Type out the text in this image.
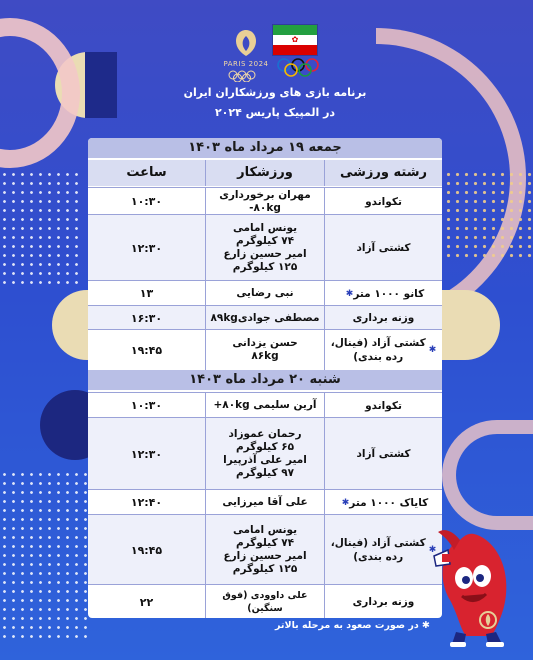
PARIS 2024
✿
برنامه بازی های ورزشکاران ایران
در المپیک پاریس ۲۰۲۴
جمعه ۱۹ مرداد ماه ۱۴۰۳
رشته ورزشی
ورزشکار
ساعت
تکواندو
مهران برخورداری ۸۰kg-
۱۰:۳۰
کشتی آزاد
یونس امامی
۷۴ کیلوگرم
امیر حسین زارع
۱۲۵ کیلوگرم
۱۲:۳۰
کانو ۱۰۰۰ متر
✱
نبی رضایی
۱۳
وزنه برداری
مصطفی جوادی۸۹kg
۱۶:۳۰
✱
کشتی آزاد (فینال، رده بندی)
حسن یزدانی
۸۶kg
۱۹:۴۵
شنبه ۲۰ مرداد ماه ۱۴۰۳
تکواندو
آرین سلیمی ۸۰kg+
۱۰:۳۰
کشتی آزاد
رحمان عموزاد
۶۵ کیلوگرم
امیر علی آذرپیرا
۹۷ کیلوگرم
۱۲:۳۰
کایاک ۱۰۰۰ متر
✱
علی آقا میرزایی
۱۲:۴۰
✱
کشتی آزاد (فینال، رده بندی)
یونس امامی
۷۴ کیلوگرم
امیر حسین زارع
۱۲۵ کیلوگرم
۱۹:۴۵
وزنه برداری
علی داوودی (فوق سنگین)
۲۲
✱ در صورت صعود به مرحله بالاتر
